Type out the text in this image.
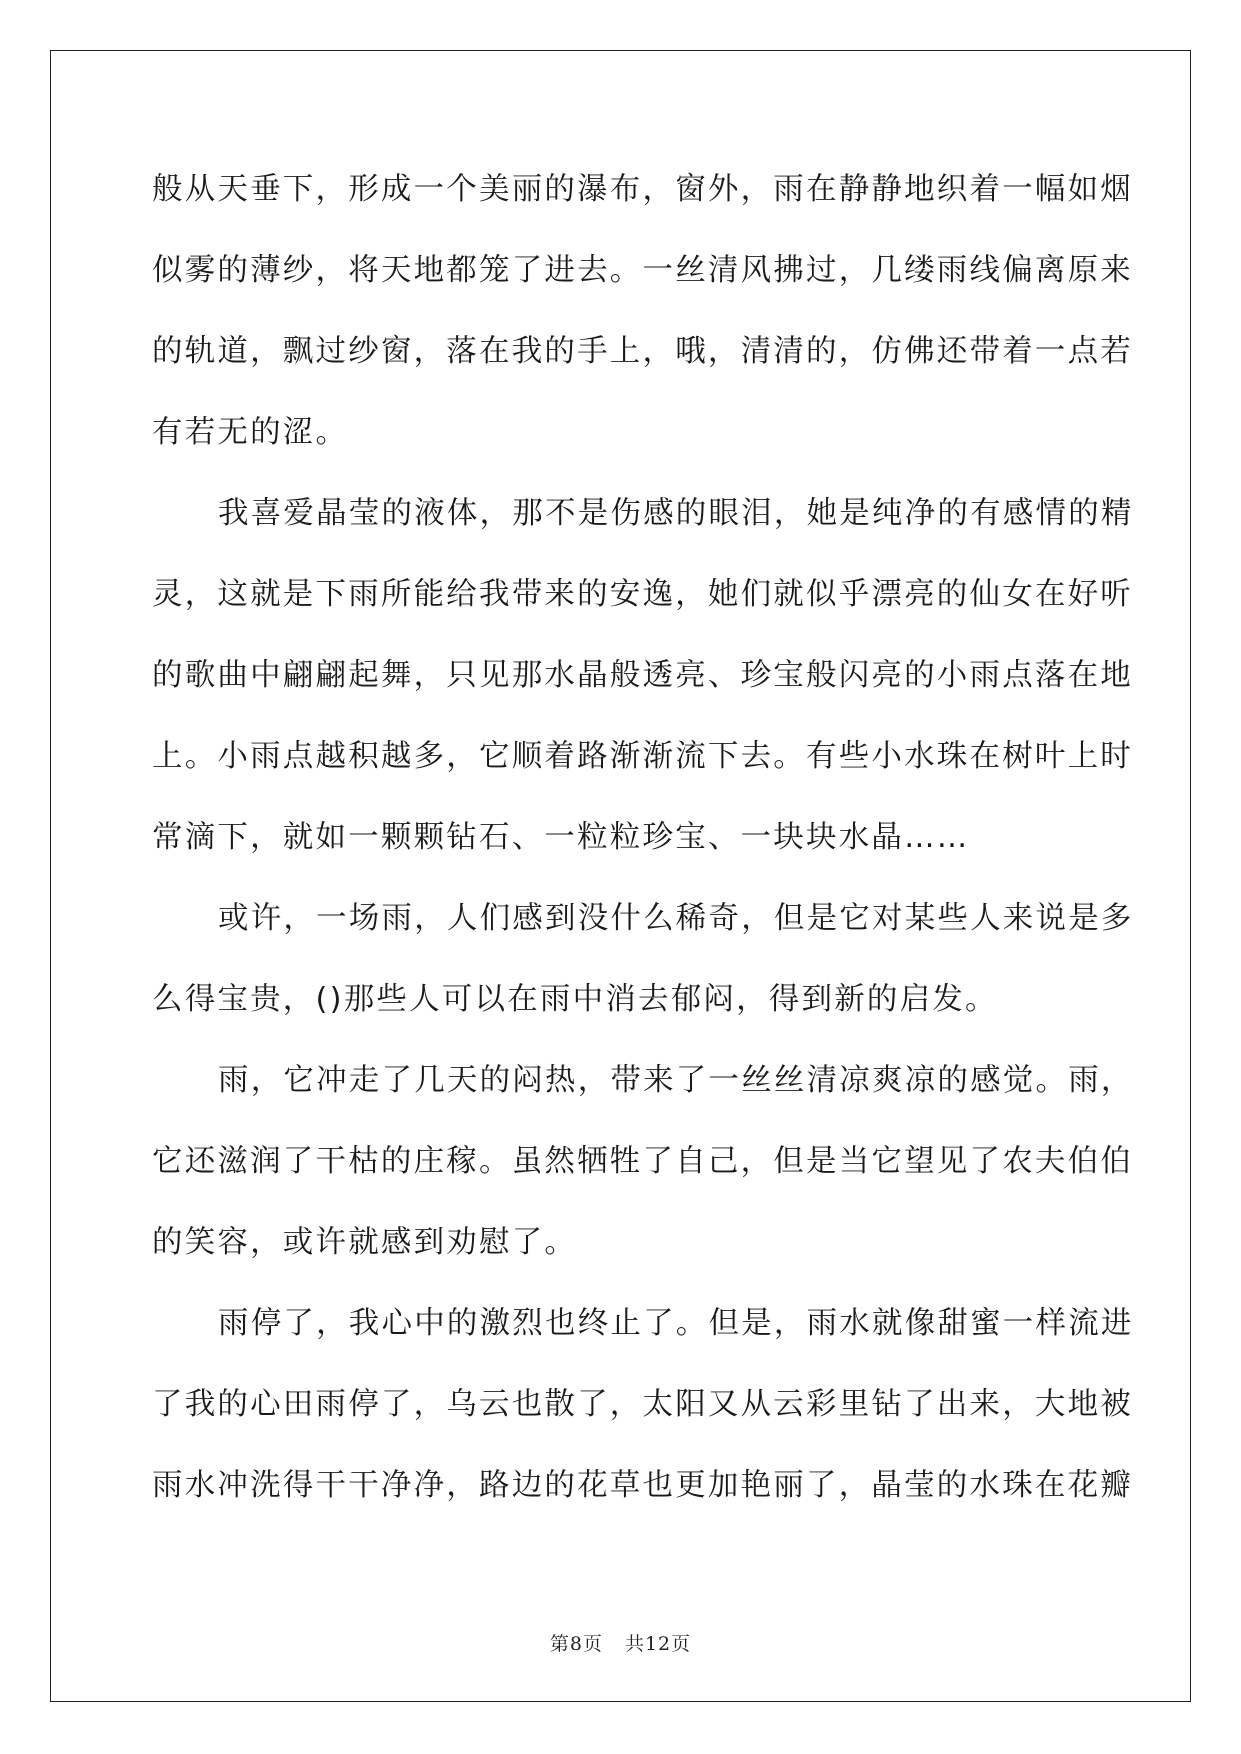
般从天垂下，形成一个美丽的瀑布，窗外，雨在静静地织着一幅如烟
似雾的薄纱，将天地都笼了进去。一丝清风拂过，几缕雨线偏离原来
的轨道，飘过纱窗，落在我的手上，哦，清清的，仿佛还带着一点若
有若无的涩。
我喜爱晶莹的液体，那不是伤感的眼泪，她是纯净的有感情的精
灵，这就是下雨所能给我带来的安逸，她们就似乎漂亮的仙女在好听
的歌曲中翩翩起舞，只见那水晶般透亮、珍宝般闪亮的小雨点落在地
上。小雨点越积越多，它顺着路渐渐流下去。有些小水珠在树叶上时
常滴下，就如一颗颗钻石、一粒粒珍宝、一块块水晶……
或许，一场雨，人们感到没什么稀奇，但是它对某些人来说是多
么得宝贵，()那些人可以在雨中消去郁闷，得到新的启发。
雨，它冲走了几天的闷热，带来了一丝丝清凉爽凉的感觉。雨，
它还滋润了干枯的庄稼。虽然牺牲了自己，但是当它望见了农夫伯伯
的笑容，或许就感到劝慰了。
雨停了，我心中的激烈也终止了。但是，雨水就像甜蜜一样流进
了我的心田雨停了，乌云也散了，太阳又从云彩里钻了出来，大地被
雨水冲洗得干干净净，路边的花草也更加艳丽了，晶莹的水珠在花瓣
第8页 共12页
